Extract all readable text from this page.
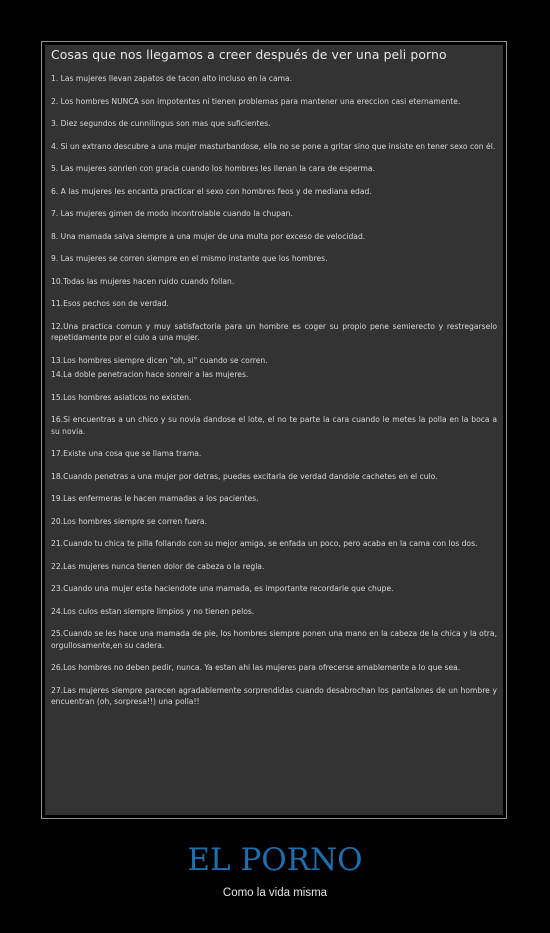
Cosas que nos llegamos a creer después de ver una peli porno
1. Las mujeres llevan zapatos de tacon alto incluso en la cama.
2. Los hombres NUNCA son impotentes ni tienen problemas para mantener una ereccion casi eternamente.
3. Diez segundos de cunnilingus son mas que suficientes.
4. Si un extrano descubre a una mujer masturbandose, ella no se pone a gritar sino que insiste en tener sexo con él.
5. Las mujeres sonrien con gracia cuando los hombres les llenan la cara de esperma.
6. A las mujeres les encanta practicar el sexo con hombres feos y de mediana edad.
7. Las mujeres gimen de modo incontrolable cuando la chupan.
8. Una mamada salva siempre a una mujer de una multa por exceso de velocidad.
9. Las mujeres se corren siempre en el mismo instante que los hombres.
10.Todas las mujeres hacen ruido cuando follan.
11.Esos pechos son de verdad.
12.Una practica comun y muy satisfactoria para un hombre es coger su propio pene semierecto y restregarselo repetidamente por el culo a una mujer.
13.Los hombres siempre dicen "oh, si" cuando se corren.
14.La doble penetracion hace sonreir a las mujeres.
15.Los hombres asiaticos no existen.
16.Si encuentras a un chico y su novia dandose el lote, el no te parte la cara cuando le metes la polla en la boca a su novia.
17.Existe una cosa que se llama trama.
18.Cuando penetras a una mujer por detras, puedes excitarla de verdad dandole cachetes en el culo.
19.Las enfermeras le hacen mamadas a los pacientes.
20.Los hombres siempre se corren fuera.
21.Cuando tu chica te pilla follando con su mejor amiga, se enfada un poco, pero acaba en la cama con los dos.
22.Las mujeres nunca tienen dolor de cabeza o la regla.
23.Cuando una mujer esta haciendote una mamada, es importante recordarle que chupe.
24.Los culos estan siempre limpios y no tienen pelos.
25.Cuando se les hace una mamada de pie, los hombres siempre ponen una mano en la cabeza de la chica y la otra, orgullosamente,en su cadera.
26.Los hombres no deben pedir, nunca. Ya estan ahi las mujeres para ofrecerse amablemente a lo que sea.
27.Las mujeres siempre parecen agradablemente sorprendidas cuando desabrochan los pantalones de un hombre y encuentran (oh, sorpresa!!) una polla!!
EL PORNO
Como la vida misma
